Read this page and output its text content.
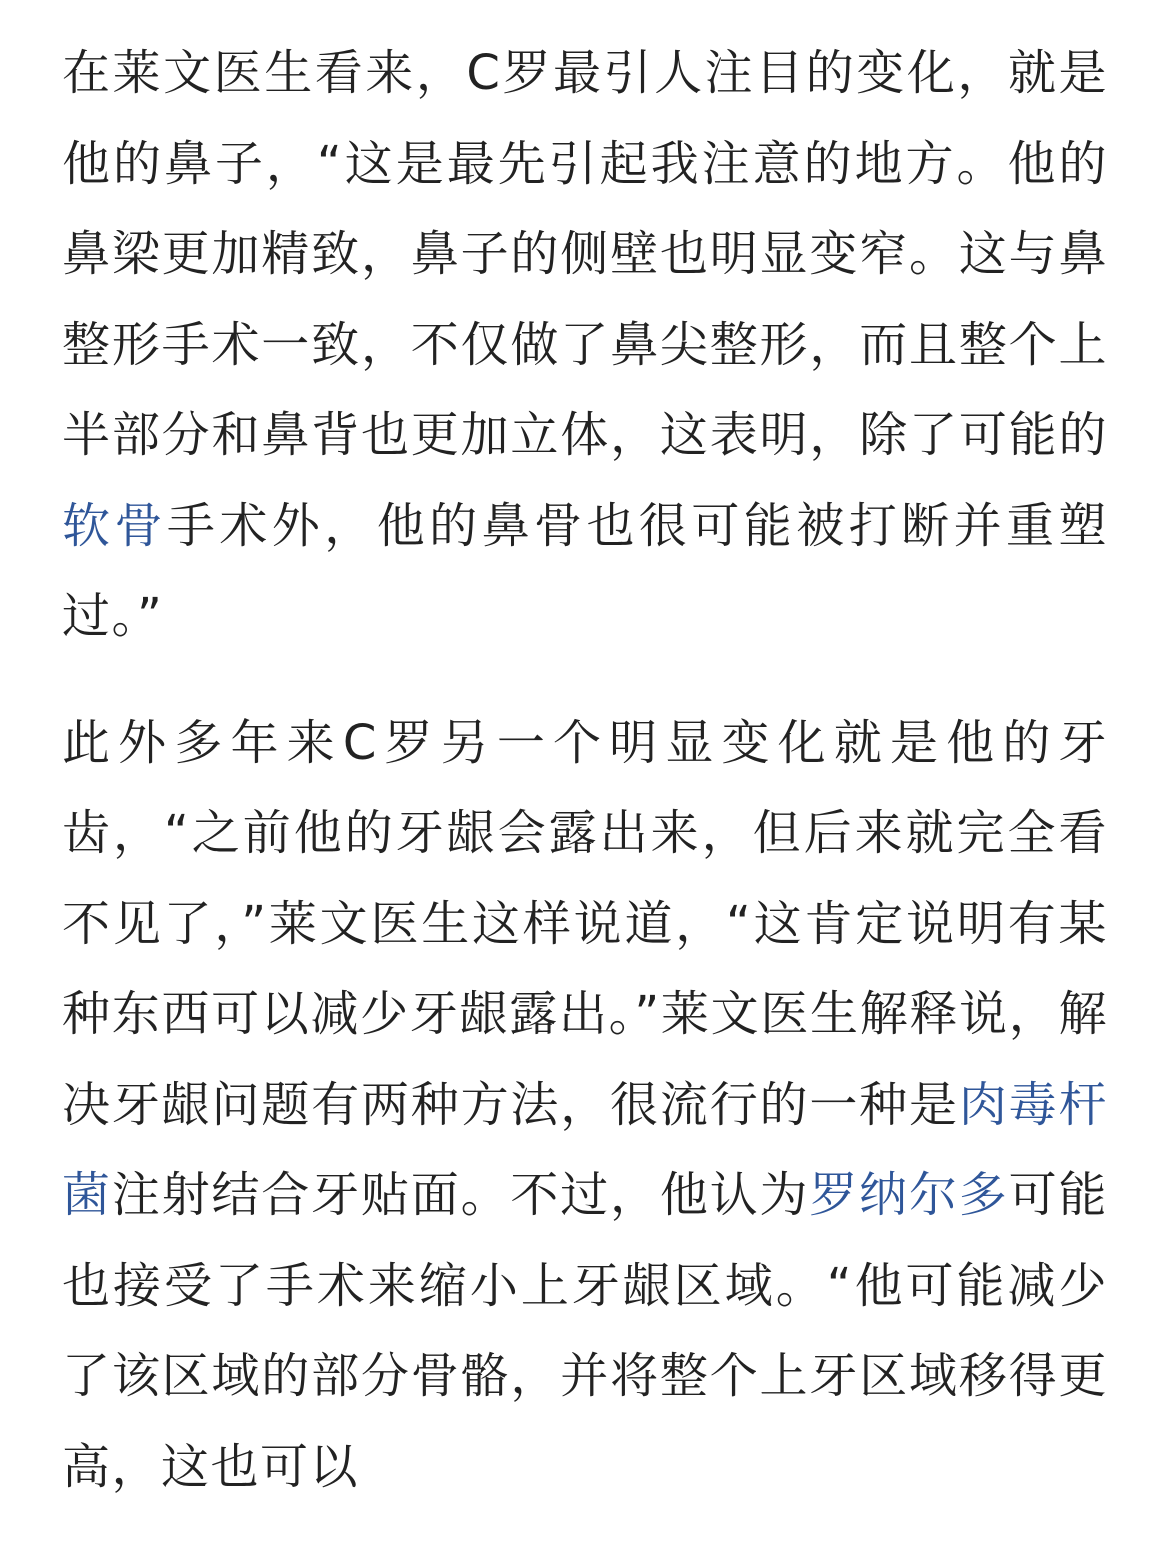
在莱文医生看来，C罗最引人注目的变化，就是他的鼻子，“这是最先引起我注意的地方。他的鼻梁更加精致，鼻子的侧壁也明显变窄。这与鼻整形手术一致，不仅做了鼻尖整形，而且整个上半部分和鼻背也更加立体，这表明，除了可能的软骨手术外，他的鼻骨也很可能被打断并重塑过。”

此外多年来C罗另一个明显变化就是他的牙齿，“之前他的牙龈会露出来，但后来就完全看不见了，”莱文医生这样说道，“这肯定说明有某种东西可以减少牙龈露出。”莱文医生解释说，解决牙龈问题有两种方法，很流行的一种是肉毒杆菌注射结合牙贴面。不过，他认为罗纳尔多可能也接受了手术来缩小上牙龈区域。“他可能减少了该区域的部分骨骼，并将整个上牙区域移得更高，这也可以
